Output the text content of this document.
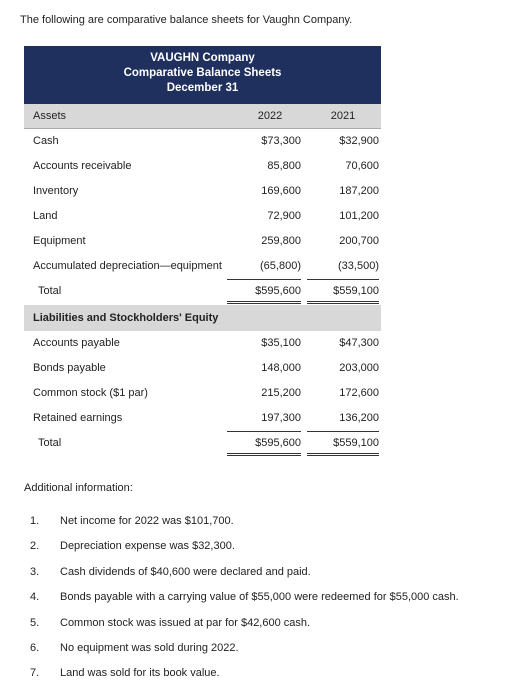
The following are comparative balance sheets for Vaughn Company.
VAUGHN Company
Comparative Balance Sheets
December 31
Assets	2022	2021
Cash	$73,300	$32,900
Accounts receivable	85,800	70,600
Inventory	169,600	187,200
Land	72,900	101,200
Equipment	259,800	200,700
Accumulated depreciation—equipment	(65,800)	(33,500)
Total	$595,600	$559,100
Liabilities and Stockholders' Equity
Accounts payable	$35,100	$47,300
Bonds payable	148,000	203,000
Common stock ($1 par)	215,200	172,600
Retained earnings	197,300	136,200
Total	$595,600	$559,100
Additional information:
1. Net income for 2022 was $101,700.
2. Depreciation expense was $32,300.
3. Cash dividends of $40,600 were declared and paid.
4. Bonds payable with a carrying value of $55,000 were redeemed for $55,000 cash.
5. Common stock was issued at par for $42,600 cash.
6. No equipment was sold during 2022.
7. Land was sold for its book value.
